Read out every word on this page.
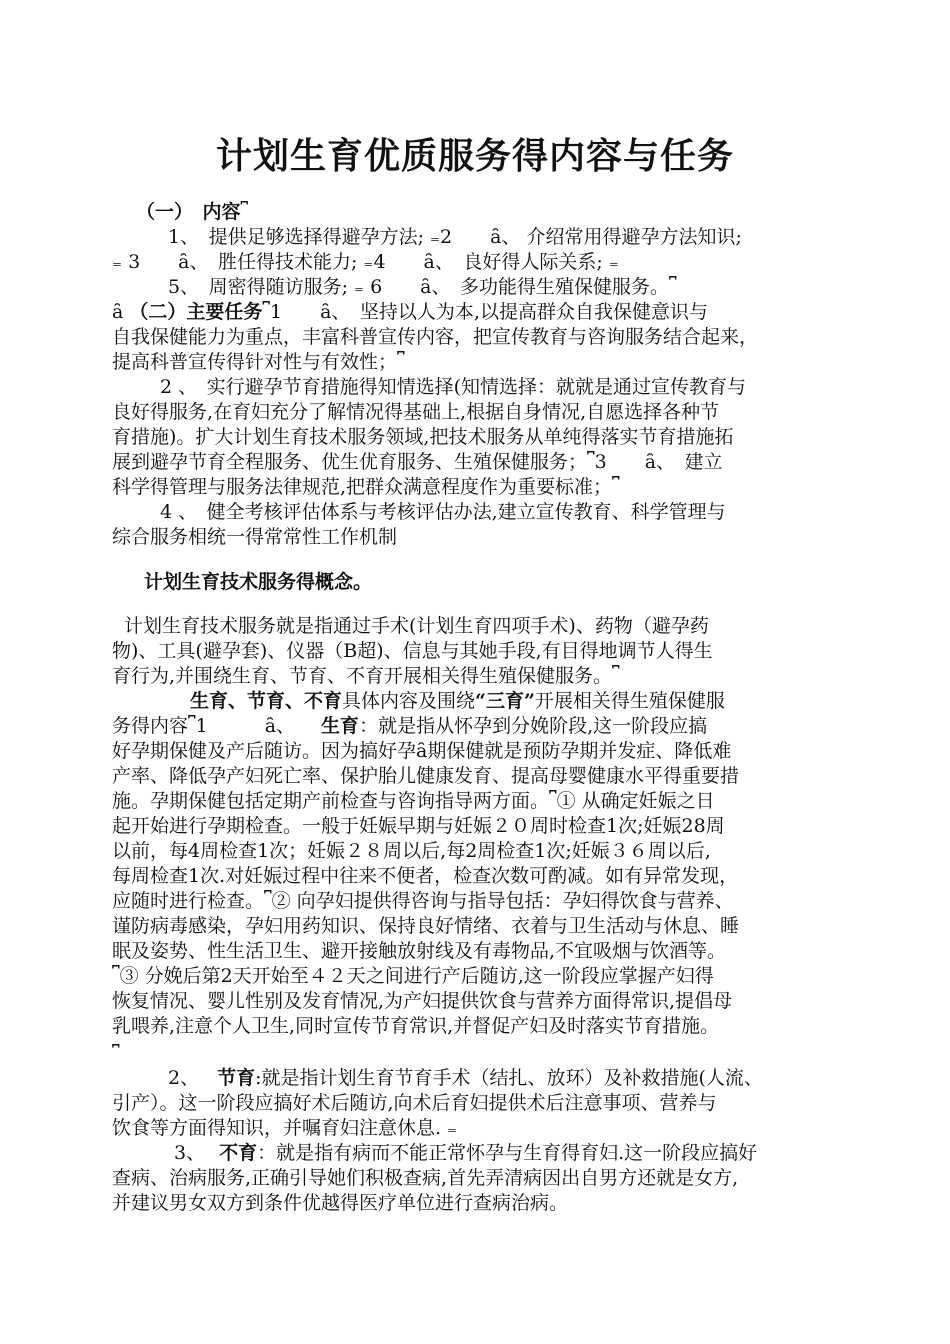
计划生育优质服务得内容与任务
（一）　内容⎴
1、　提供足够选择得避孕方法; ₌2　　ȃ、 介绍常用得避孕方法知识;
₌ 3　　ȃ、　胜任得技术能力; ₌4　　ȃ、　良好得人际关系; ₌
5、　周密得随访服务; ₌ 6　　ȃ、　多功能得生殖保健服务。⎴
ȃ （二）主要任务⎴1　　ȃ、　坚持以人为本,以提高群众自我保健意识与
自我保健能力为重点，丰富科普宣传内容，把宣传教育与咨询服务结合起来，
提高科普宣传得针对性与有效性；⎴
2 、　实行避孕节育措施得知情选择(知情选择：就就是通过宣传教育与
良好得服务,在育妇充分了解情况得基础上,根据自身情况,自愿选择各种节
育措施)。扩大计划生育技术服务领域,把技术服务从单纯得落实节育措施拓
展到避孕节育全程服务、优生优育服务、生殖保健服务；⎴3　　ȃ、　建立
科学得管理与服务法律规范,把群众满意程度作为重要标准；⎴
4 、　健全考核评估体系与考核评估办法,建立宣传教育、科学管理与
综合服务相统一得常常性工作机制
计划生育技术服务得概念。
计划生育技术服务就是指通过手术(计划生育四项手术)、药物（避孕药
物)、工具(避孕套)、仪器（B超)、信息与其她手段,有目得地调节人得生
育行为,并围绕生育、节育、不育开展相关得生殖保健服务。⎴
生育、节育、不育具体内容及围绕“三育”开展相关得生殖保健服
务得内容⎴1　　　ȃ、 生育：就是指从怀孕到分娩阶段,这一阶段应搞
好孕期保健及产后随访。因为搞好孕ȃ期保健就是预防孕期并发症、降低难
产率、降低孕产妇死亡率、保护胎儿健康发育、提高母婴健康水平得重要措
施。孕期保健包括定期产前检查与咨询指导两方面。⎴① 从确定妊娠之日
起开始进行孕期检查。一般于妊娠早期与妊娠２０周时检查1次;妊娠28周
以前，每4周检查1次；妊娠２８周以后,每2周检查1次;妊娠３６周以后,
每周检查1次.对妊娠过程中往来不便者，检查次数可酌减。如有异常发现，
应随时进行检查。⎴② 向孕妇提供得咨询与指导包括：孕妇得饮食与营养、
谨防病毒感染，孕妇用药知识、保持良好情绪、衣着与卫生活动与休息、睡
眠及姿势、性生活卫生、避开接触放射线及有毒物品,不宜吸烟与饮酒等。
⎴③ 分娩后第2天开始至４２天之间进行产后随访,这一阶段应掌握产妇得
恢复情况、婴儿性别及发育情况,为产妇提供饮食与营养方面得常识,提倡母
乳喂养,注意个人卫生,同时宣传节育常识,并督促产妇及时落实节育措施。
⎴
2、 节育:就是指计划生育节育手术（结扎、放环）及补救措施(人流、
引产）。这一阶段应搞好术后随访,向术后育妇提供术后注意事项、营养与
饮食等方面得知识，并嘱育妇注意休息. ₌
3、 不育：就是指有病而不能正常怀孕与生育得育妇.这一阶段应搞好
查病、治病服务,正确引导她们积极查病,首先弄清病因出自男方还就是女方,
并建议男女双方到条件优越得医疗单位进行查病治病。
